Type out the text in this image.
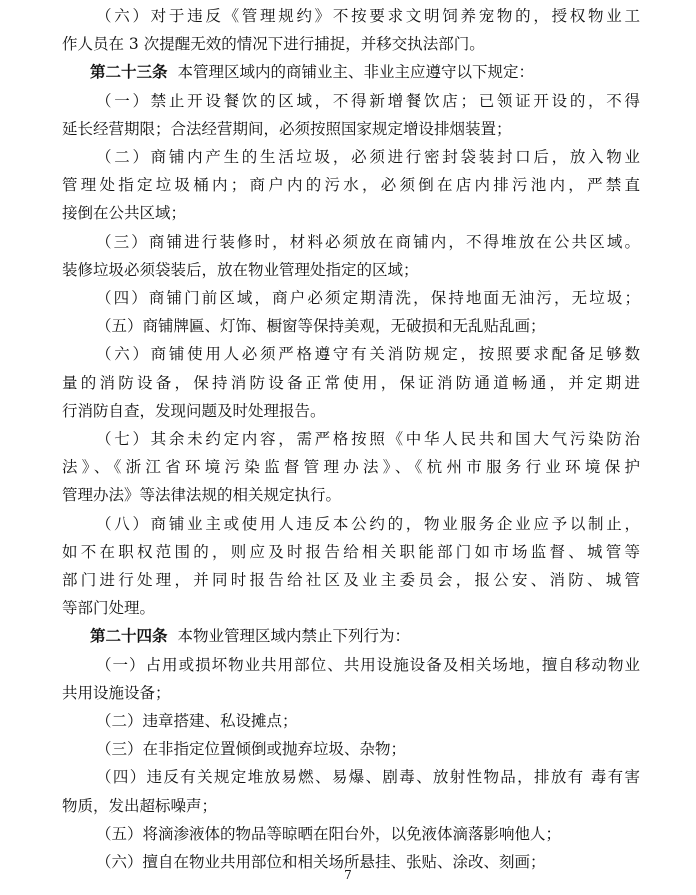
（六）对于违反《管理规约》不按要求文明饲养宠物的，授权物业工
作人员在 3 次提醒无效的情况下进行捕捉，并移交执法部门。
第二十三条 本管理区域内的商铺业主、非业主应遵守以下规定：
（一）禁止开设餐饮的区域，不得新增餐饮店；已领证开设的，不得
延长经营期限；合法经营期间，必须按照国家规定增设排烟装置；
（二）商铺内产生的生活垃圾，必须进行密封袋装封口后，放入物业
管理处指定垃圾桶内；商户内的污水，必须倒在店内排污池内，严禁直
接倒在公共区域；
（三）商铺进行装修时，材料必须放在商铺内，不得堆放在公共区域。
装修垃圾必须袋装后，放在物业管理处指定的区域；
（四）商铺门前区域，商户必须定期清洗，保持地面无油污，无垃圾；
（五）商铺牌匾、灯饰、橱窗等保持美观，无破损和无乱贴乱画；
（六）商铺使用人必须严格遵守有关消防规定，按照要求配备足够数
量的消防设备，保持消防设备正常使用，保证消防通道畅通，并定期进
行消防自查，发现问题及时处理报告。
（七）其余未约定内容，需严格按照《中华人民共和国大气污染防治
法》、《浙江省环境污染监督管理办法》、《杭州市服务行业环境保护
管理办法》等法律法规的相关规定执行。
（八）商铺业主或使用人违反本公约的，物业服务企业应予以制止，
如不在职权范围的，则应及时报告给相关职能部门如市场监督、城管等
部门进行处理，并同时报告给社区及业主委员会，报公安、消防、城管
等部门处理。
第二十四条 本物业管理区域内禁止下列行为：
（一）占用或损坏物业共用部位、共用设施设备及相关场地，擅自移动物业
共用设施设备；
（二）违章搭建、私设摊点；
（三）在非指定位置倾倒或抛弃垃圾、杂物；
（四）违反有关规定堆放易燃、易爆、剧毒、放射性物品，排放有 毒有害
物质，发出超标噪声；
（五）将滴渗液体的物品等晾晒在阳台外，以免液体滴落影响他人；
（六）擅自在物业共用部位和相关场所悬挂、张贴、涂改、刻画；
7
